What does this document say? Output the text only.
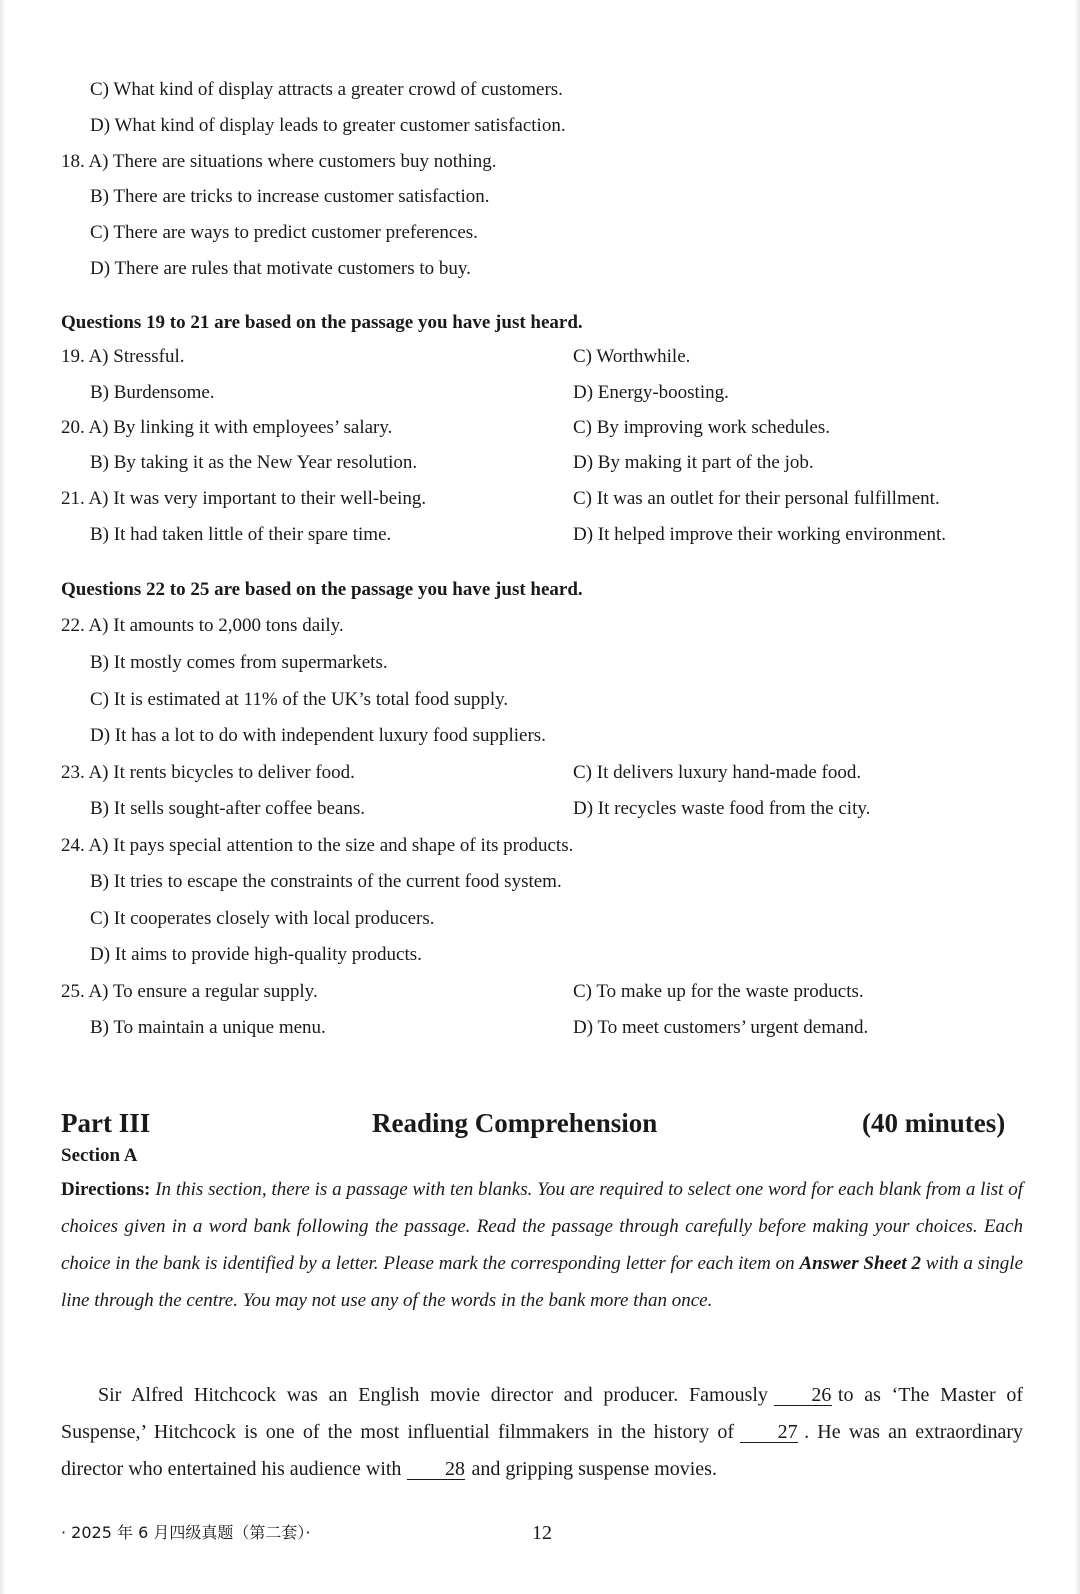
C) What kind of display attracts a greater crowd of customers.
D) What kind of display leads to greater customer satisfaction.
18. A) There are situations where customers buy nothing.
B) There are tricks to increase customer satisfaction.
C) There are ways to predict customer preferences.
D) There are rules that motivate customers to buy.
Questions 19 to 21 are based on the passage you have just heard.
19. A) Stressful.	C) Worthwhile.
B) Burdensome.	D) Energy-boosting.
20. A) By linking it with employees’ salary.	C) By improving work schedules.
B) By taking it as the New Year resolution.	D) By making it part of the job.
21. A) It was very important to their well-being.	C) It was an outlet for their personal fulfillment.
B) It had taken little of their spare time.	D) It helped improve their working environment.
Questions 22 to 25 are based on the passage you have just heard.
22. A) It amounts to 2,000 tons daily.
B) It mostly comes from supermarkets.
C) It is estimated at 11% of the UK’s total food supply.
D) It has a lot to do with independent luxury food suppliers.
23. A) It rents bicycles to deliver food.	C) It delivers luxury hand-made food.
B) It sells sought-after coffee beans.	D) It recycles waste food from the city.
24. A) It pays special attention to the size and shape of its products.
B) It tries to escape the constraints of the current food system.
C) It cooperates closely with local producers.
D) It aims to provide high-quality products.
25. A) To ensure a regular supply.	C) To make up for the waste products.
B) To maintain a unique menu.	D) To meet customers’ urgent demand.
Part III	Reading Comprehension	(40 minutes)
Section A
Directions: In this section, there is a passage with ten blanks. You are required to select one word for each blank from a list of choices given in a word bank following the passage. Read the passage through carefully before making your choices. Each choice in the bank is identified by a letter. Please mark the corresponding letter for each item on Answer Sheet 2 with a single line through the centre. You may not use any of the words in the bank more than once.
Sir Alfred Hitchcock was an English movie director and producer. Famously 26 to as ‘The Master of Suspense,’ Hitchcock is one of the most influential filmmakers in the history of 27 . He was an extraordinary director who entertained his audience with 28 and gripping suspense movies.
· 2025 年 6 月四级真题（第二套）·	12
